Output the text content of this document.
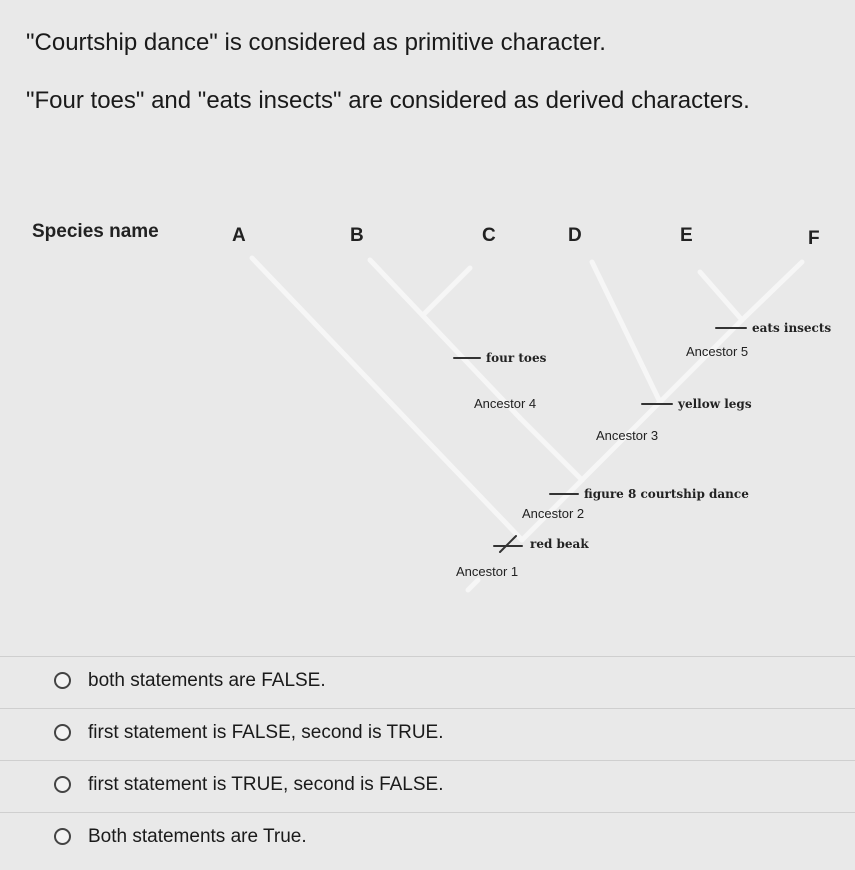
"Courtship dance" is considered as primitive character.
"Four toes" and "eats insects" are considered as derived characters.
Species name	A	B	C	D	E	F
Ancestor 1
Ancestor 2
Ancestor 3
Ancestor 4
Ancestor 5
red beak
figure 8 courtship dance
yellow legs
four toes
eats insects
both statements are FALSE.
first statement is FALSE, second is TRUE.
first statement is TRUE, second is FALSE.
Both statements are True.
